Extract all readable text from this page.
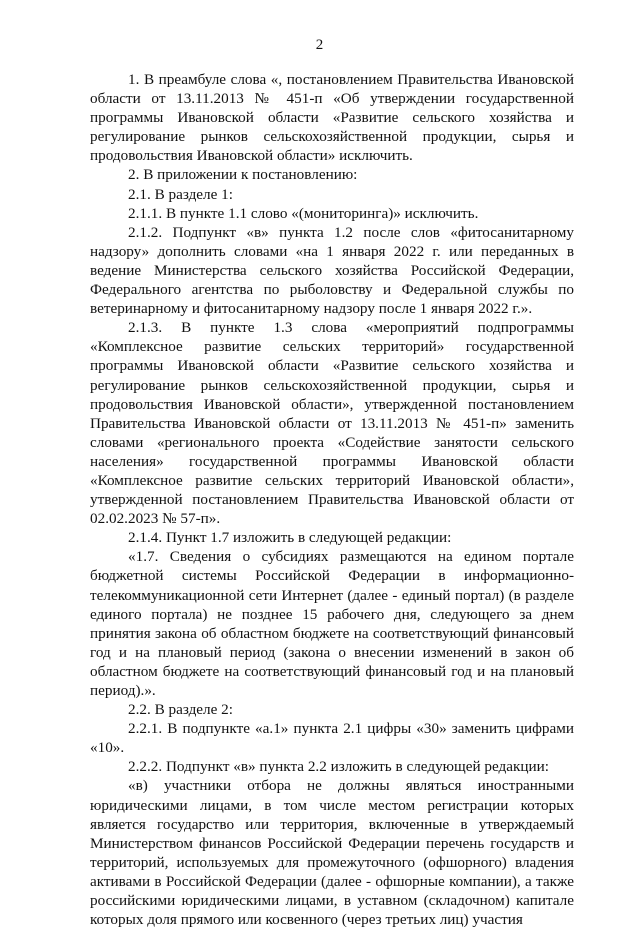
2

1. В преамбуле слова «, постановлением Правительства Ивановской области от 13.11.2013 № 451-п «Об утверждении государственной программы Ивановской области «Развитие сельского хозяйства и регулирование рынков сельскохозяйственной продукции, сырья и продовольствия Ивановской области» исключить.

2. В приложении к постановлению:

2.1. В разделе 1:

2.1.1. В пункте 1.1 слово «(мониторинга)» исключить.

2.1.2. Подпункт «в» пункта 1.2 после слов «фитосанитарному надзору» дополнить словами «на 1 января 2022 г. или переданных в ведение Министерства сельского хозяйства Российской Федерации, Федерального агентства по рыболовству и Федеральной службы по ветеринарному и фитосанитарному надзору после 1 января 2022 г.».

2.1.3. В пункте 1.3 слова «мероприятий подпрограммы «Комплексное развитие сельских территорий» государственной программы Ивановской области «Развитие сельского хозяйства и регулирование рынков сельскохозяйственной продукции, сырья и продовольствия Ивановской области», утвержденной постановлением Правительства Ивановской области от 13.11.2013 № 451-п» заменить словами «регионального проекта «Содействие занятости сельского населения» государственной программы Ивановской области «Комплексное развитие сельских территорий Ивановской области», утвержденной постановлением Правительства Ивановской области от 02.02.2023 № 57-п».

2.1.4. Пункт 1.7 изложить в следующей редакции:

«1.7. Сведения о субсидиях размещаются на едином портале бюджетной системы Российской Федерации в информационно-телекоммуникационной сети Интернет (далее - единый портал) (в разделе единого портала) не позднее 15 рабочего дня, следующего за днем принятия закона об областном бюджете на соответствующий финансовый год и на плановый период (закона о внесении изменений в закон об областном бюджете на соответствующий финансовый год и на плановый период).».

2.2. В разделе 2:

2.2.1. В подпункте «а.1» пункта 2.1 цифры «30» заменить цифрами «10».

2.2.2. Подпункт «в» пункта 2.2 изложить в следующей редакции:

«в) участники отбора не должны являться иностранными юридическими лицами, в том числе местом регистрации которых является государство или территория, включенные в утверждаемый Министерством финансов Российской Федерации перечень государств и территорий, используемых для промежуточного (офшорного) владения активами в Российской Федерации (далее - офшорные компании), а также российскими юридическими лицами, в уставном (складочном) капитале которых доля прямого или косвенного (через третьих лиц) участия
